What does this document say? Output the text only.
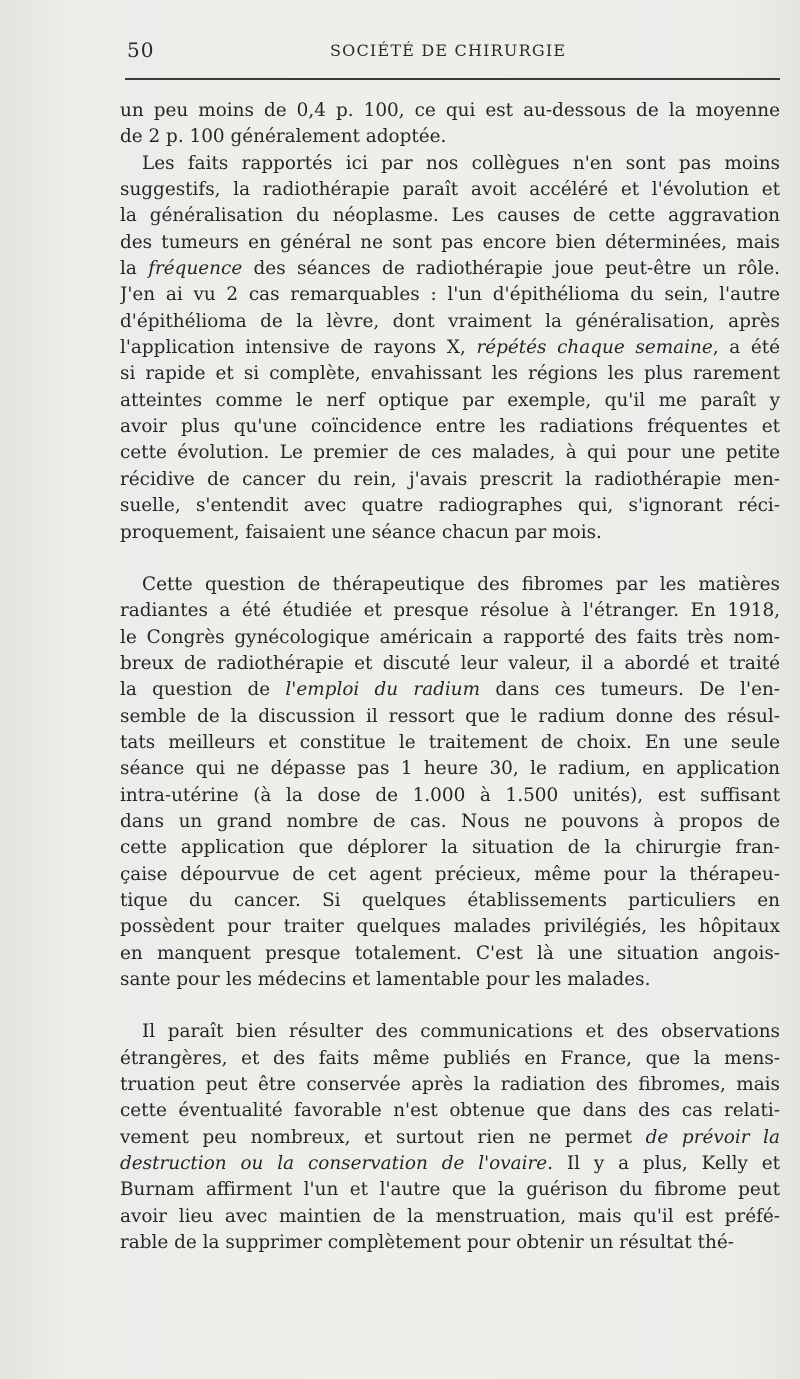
50	SOCIÉTÉ DE CHIRURGIE

un peu moins de 0,4 p. 100, ce qui est au-dessous de la moyenne
de 2 p. 100 généralement adoptée.

Les faits rapportés ici par nos collègues n'en sont pas moins
suggestifs, la radiothérapie paraît avoit accéléré et l'évolution et
la généralisation du néoplasme. Les causes de cette aggravation
des tumeurs en général ne sont pas encore bien déterminées, mais
la fréquence des séances de radiothérapie joue peut-être un rôle.
J'en ai vu 2 cas remarquables : l'un d'épithélioma du sein, l'autre
d'épithélioma de la lèvre, dont vraiment la généralisation, après
l'application intensive de rayons X, répétés chaque semaine, a été
si rapide et si complète, envahissant les régions les plus rarement
atteintes comme le nerf optique par exemple, qu'il me paraît y
avoir plus qu'une coïncidence entre les radiations fréquentes et
cette évolution. Le premier de ces malades, à qui pour une petite
récidive de cancer du rein, j'avais prescrit la radiothérapie men-
suelle, s'entendit avec quatre radiographes qui, s'ignorant réci-
proquement, faisaient une séance chacun par mois.

Cette question de thérapeutique des fibromes par les matières
radiantes a été étudiée et presque résolue à l'étranger. En 1918,
le Congrès gynécologique américain a rapporté des faits très nom-
breux de radiothérapie et discuté leur valeur, il a abordé et traité
la question de l'emploi du radium dans ces tumeurs. De l'en-
semble de la discussion il ressort que le radium donne des résul-
tats meilleurs et constitue le traitement de choix. En une seule
séance qui ne dépasse pas 1 heure 30, le radium, en application
intra-utérine (à la dose de 1.000 à 1.500 unités), est suffisant
dans un grand nombre de cas. Nous ne pouvons à propos de
cette application que déplorer la situation de la chirurgie fran-
çaise dépourvue de cet agent précieux, même pour la thérapeu-
tique du cancer. Si quelques établissements particuliers en
possèdent pour traiter quelques malades privilégiés, les hôpitaux
en manquent presque totalement. C'est là une situation angois-
sante pour les médecins et lamentable pour les malades.

Il paraît bien résulter des communications et des observations
étrangères, et des faits même publiés en France, que la mens-
truation peut être conservée après la radiation des fibromes, mais
cette éventualité favorable n'est obtenue que dans des cas relati-
vement peu nombreux, et surtout rien ne permet de prévoir la
destruction ou la conservation de l'ovaire. Il y a plus, Kelly et
Burnam affirment l'un et l'autre que la guérison du fibrome peut
avoir lieu avec maintien de la menstruation, mais qu'il est préfé-
rable de la supprimer complètement pour obtenir un résultat thé-
